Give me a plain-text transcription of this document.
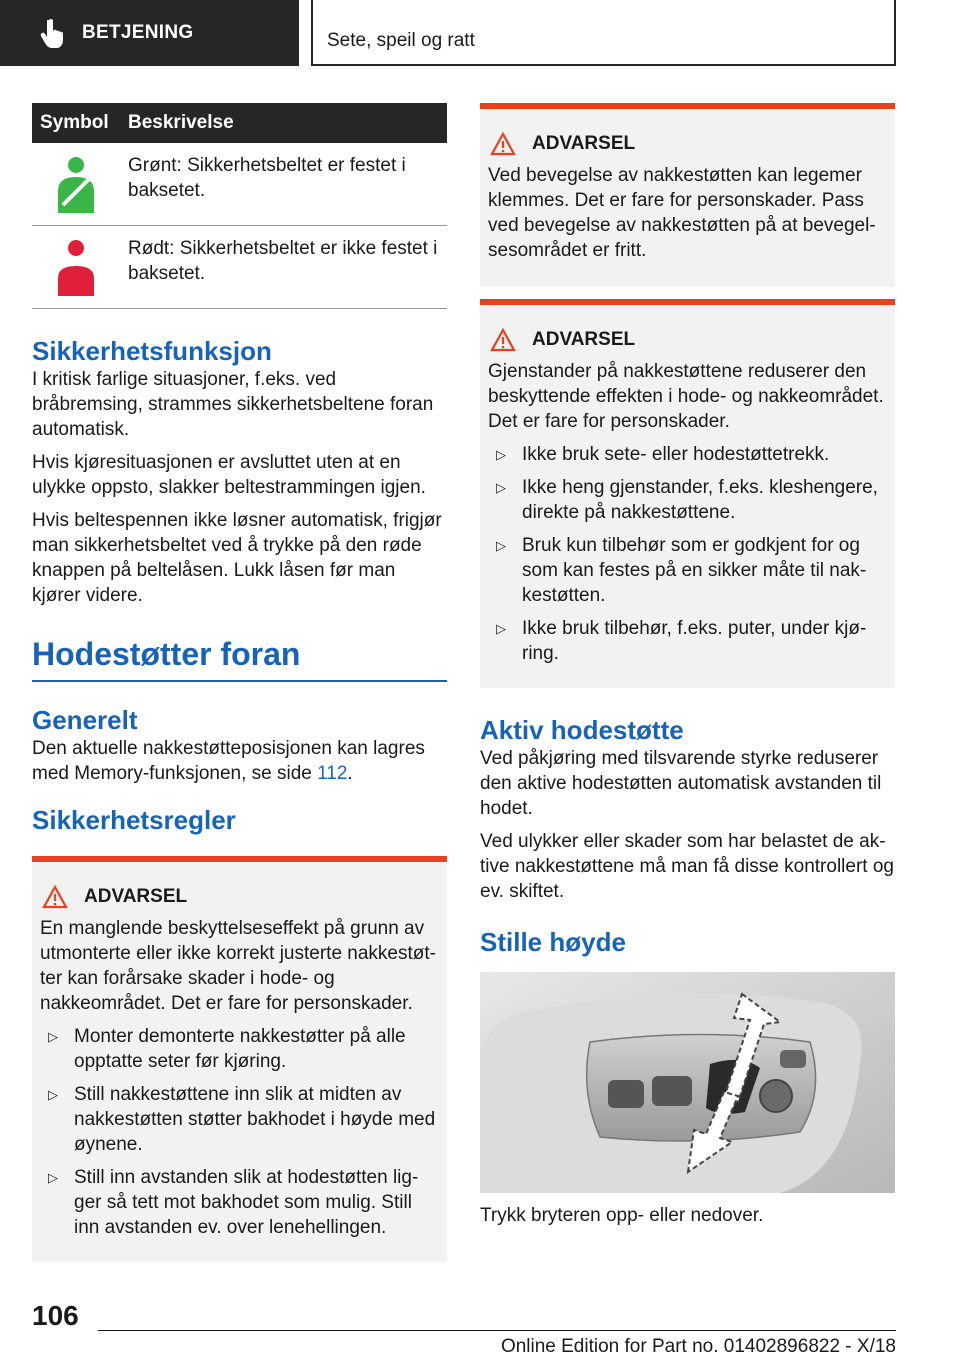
BETJENING	Sete, speil og ratt
Symbol	Beskrivelse
Grønt: Sikkerhetsbeltet er festet i baksetet.
Rødt: Sikkerhetsbeltet er ikke festet i baksetet.
Sikkerhetsfunksjon

I kritisk farlige situasjoner, f.eks. ved bråbremsing, strammes sikkerhetsbeltene foran automatisk.

Hvis kjøresituasjonen er avsluttet uten at en ulykke oppsto, slakker beltestrammingen igjen.

Hvis beltespennen ikke løsner automatisk, frigjør man sikkerhetsbeltet ved å trykke på den røde knappen på beltelåsen. Lukk låsen før man kjører videre.

Hodestøtter foran
Generelt

Den aktuelle nakkestøtteposisjonen kan lagres med Memory-funksjonen, se side 112.

Sikkerhetsregler
ADVARSEL
En manglende beskyttelseseffekt på grunn av utmonterte eller ikke korrekt justerte nakkestøtter kan forårsake skader i hode- og nakkeområdet. Det er fare for personskader.
▷ Monter demonterte nakkestøtter på alle opptatte seter før kjøring.
▷ Still nakkestøttene inn slik at midten av nakkestøtten støtter bakhodet i høyde med øynene.
▷ Still inn avstanden slik at hodestøtten ligger så tett mot bakhodet som mulig. Still inn avstanden ev. over lenehellingen.
ADVARSEL
Ved bevegelse av nakkestøtten kan legemer klemmes. Det er fare for personskader. Pass ved bevegelse av nakkestøtten på at bevegelsesområdet er fritt.
ADVARSEL
Gjenstander på nakkestøttene reduserer den beskyttende effekten i hode- og nakkeområdet. Det er fare for personskader.
▷ Ikke bruk sete- eller hodestøttetrekk.
▷ Ikke heng gjenstander, f.eks. kleshengere, direkte på nakkestøttene.
▷ Bruk kun tilbehør som er godkjent for og som kan festes på en sikker måte til nakkestøtten.
▷ Ikke bruk tilbehør, f.eks. puter, under kjøring.
Aktiv hodestøtte

Ved påkjøring med tilsvarende styrke reduserer den aktive hodestøtten automatisk avstanden til hodet.

Ved ulykker eller skader som har belastet de aktive nakkestøttene må man få disse kontrollert og ev. skiftet.

Stille høyde

Trykk bryteren opp- eller nedover.

106
Online Edition for Part no. 01402896822 - X/18
